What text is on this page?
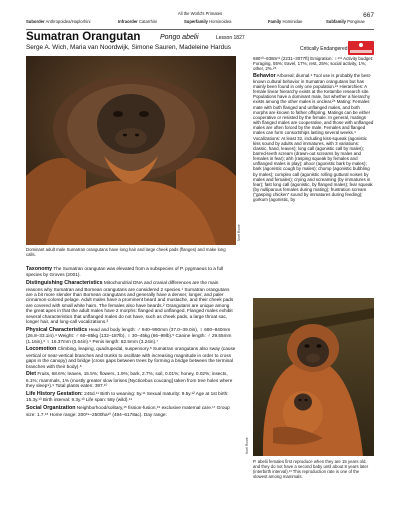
All the World's Primates	667
Suborder Anthropoidea/Haplorhini	Infraorder Catarrhini	Superfamily Hominoidea	Family Hominidae	Subfamily Ponginae
Sumatran Orangutan	Pongo abelii	Lesson 1827
Serge A. Wich, Maria van Noordwijk, Simone Sauren, Madeleine Hardus	Critically Endangered
Noel Rowe
Dominant adult male Sumatran orangutans have long hair and large cheek pads (flanges) and make long calls.

Taxonomy The Sumatran orangutan was elevated from a subspecies of P. pygmaeus to a full species by Groves (2001).

Distinguishing Characteristics Mitochondrial DNA and cranial differences are the main reasons why Sumatran and Bornean orangutans are considered 2 species.¹ Sumatran orangutans are a bit more slender than Bornean orangutans and generally have a denser, longer, and paler cinnamon-colored pelage. Adult males have a prominent beard and mustache, and their cheek pads are covered with small white hairs. The females also have beards.² Orangutans are unique among the great apes in that the adult males have 2 morphs: flanged and unflanged. Flanged males exhibit several characteristics that unflanged males do not have, such as cheek pads, a large throat sac, longer hair, and long-call vocalizations.³

Physical Characteristics Head and body length: ♂ 940–990mm (37.0–39.0in), ♀ 680–840mm (26.8–33.1in).⁴ Weight: ♂ 60–85kg (132–187lb), ♀ 30–45kg (66–99lb).⁵ Canine length: ♂ 29.55mm (1.16in),⁶ ♀ 16.37mm (0.64in).⁶ Penis length: 82.5mm (3.24in).⁷

Locomotion Climbing, leaping, quadrupedal, suspensory.⁸ Sumatran orangutans also sway (cause vertical or near-vertical branches and trunks to oscillate with increasing magnitude in order to cross gaps in the canopy) and bridge (cross gaps between trees by forming a bridge between the terminal branches with their body).⁸

Diet Fruits, 68.6%; leaves, 15.5%; flowers, 1.9%; bark, 2.7%; soil, 0.01%; honey, 0.02%; insects, 6.1%; mammals, 1% (mostly greater slow lorises [Nycticebus coucang] taken from tree holes where they sleep⁹).⁹ Total plants eaten: 397.¹⁰

Life History Gestation: 245d.¹¹ Birth to weaning: 5y.¹¹ Sexual maturity: 9.5y.¹² Age at 1st birth: 15.3y.¹³ Birth interval: 9.3y.¹³ Life span: 58y (wild).¹⁴

Social Organization Neighborhood/solitary,¹⁵ fission-fusion,¹⁶ exclusive maternal care.¹⁷ Group size: 1.7.¹⁸ Home range: 200¹⁹–2500ha¹⁰ (494–6178ac). Day range:

680¹⁰–938m¹¹ (2231–3077ft) Emigration: ♀⁴¹¹ Activity budget: Foraging, 55%; travel, 17%; rest, 25%; social activity, 1%; other, 2%.²⁴

Behavior Arboreal; diurnal.⁹ Tool use is probably the best-known cultural behavior in Sumatran orangutans but has mainly been found in only one population.²⁴ Hierarchies: A female linear hierarchy exists at the Ketambe research site. Populations have a dominant male, but whether a hierarchy exists among the other males is unclear.²⁵ Mating: Females mate with both flanged and unflanged males, and both morphs are known to father offspring. Matings can be either cooperative or resisted by the female. In general, matings with flanged males are cooperative, and those with unflanged males are often forced by the male. Females and flanged males can form consortships lasting several weeks.⁹ Vocalizations: At least 32, including kiss-squeak (agonistic kiss sound by adults and immatures, with 3 variations: classic, hand, leaves); long call (agonistic call by males); barred-teeth scream (drawn-out screams by males and females in fear); ahh (rasping squeak by females and unflanged males in play); ahoor (agonistic bark by males); bark (agonistic cough by males); chomp (agonistic bubbling by males); complex call (agonistic rolling guttural noises by males and females); crying and screaming (by immatures in fear); fast long call (agonistic, by flanged males); fear squeak (by nulliparous females during mating); frustration scream (“gasping chicken” sound by immatures during feeding); gorkum (agonistic, by

Noel Rowe
P. abelii females first reproduce when they are 15 years old, and they do not have a second baby until about 8 years later (interbirth interval).¹³ This reproduction rate is one of the slowest among mammals.
